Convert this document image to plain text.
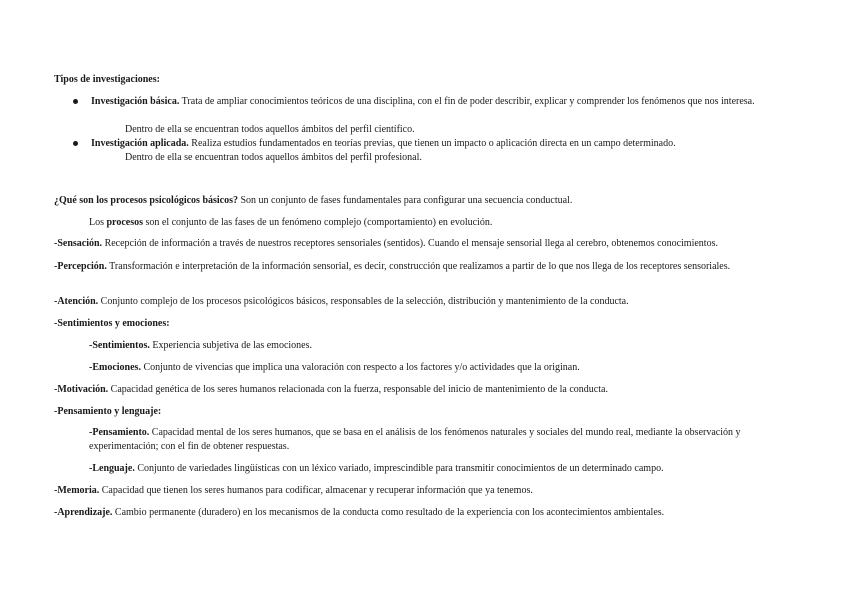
Tipos de investigaciones:
Investigación básica. Trata de ampliar conocimientos teóricos de una disciplina, con el fin de poder describir, explicar y comprender los fenómenos que nos interesa.
Dentro de ella se encuentran todos aquellos ámbitos del perfil científico.
Investigación aplicada. Realiza estudios fundamentados en teorías previas, que tienen un impacto o aplicación directa en un campo determinado.
Dentro de ella se encuentran todos aquellos ámbitos del perfil profesional.
¿Qué son los procesos psicológicos básicos? Son un conjunto de fases fundamentales para configurar una secuencia conductual.
Los procesos son el conjunto de las fases de un fenómeno complejo (comportamiento) en evolución.
-Sensación. Recepción de información a través de nuestros receptores sensoriales (sentidos). Cuando el mensaje sensorial llega al cerebro, obtenemos conocimientos.
-Percepción. Transformación e interpretación de la información sensorial, es decir, construcción que realizamos a partir de lo que nos llega de los receptores sensoriales.
-Atención. Conjunto complejo de los procesos psicológicos básicos, responsables de la selección, distribución y mantenimiento de la conducta.
-Sentimientos y emociones:
-Sentimientos. Experiencia subjetiva de las emociones.
-Emociones. Conjunto de vivencias que implica una valoración con respecto a los factores y/o actividades que la originan.
-Motivación. Capacidad genética de los seres humanos relacionada con la fuerza, responsable del inicio de mantenimiento de la conducta.
-Pensamiento y lenguaje:
-Pensamiento. Capacidad mental de los seres humanos, que se basa en el análisis de los fenómenos naturales y sociales del mundo real, mediante la observación y experimentación; con el fin de obtener respuestas.
-Lenguaje. Conjunto de variedades lingüísticas con un léxico variado, imprescindible para transmitir conocimientos de un determinado campo.
-Memoria. Capacidad que tienen los seres humanos para codificar, almacenar y recuperar información que ya tenemos.
-Aprendizaje. Cambio permanente (duradero) en los mecanismos de la conducta como resultado de la experiencia con los acontecimientos ambientales.
